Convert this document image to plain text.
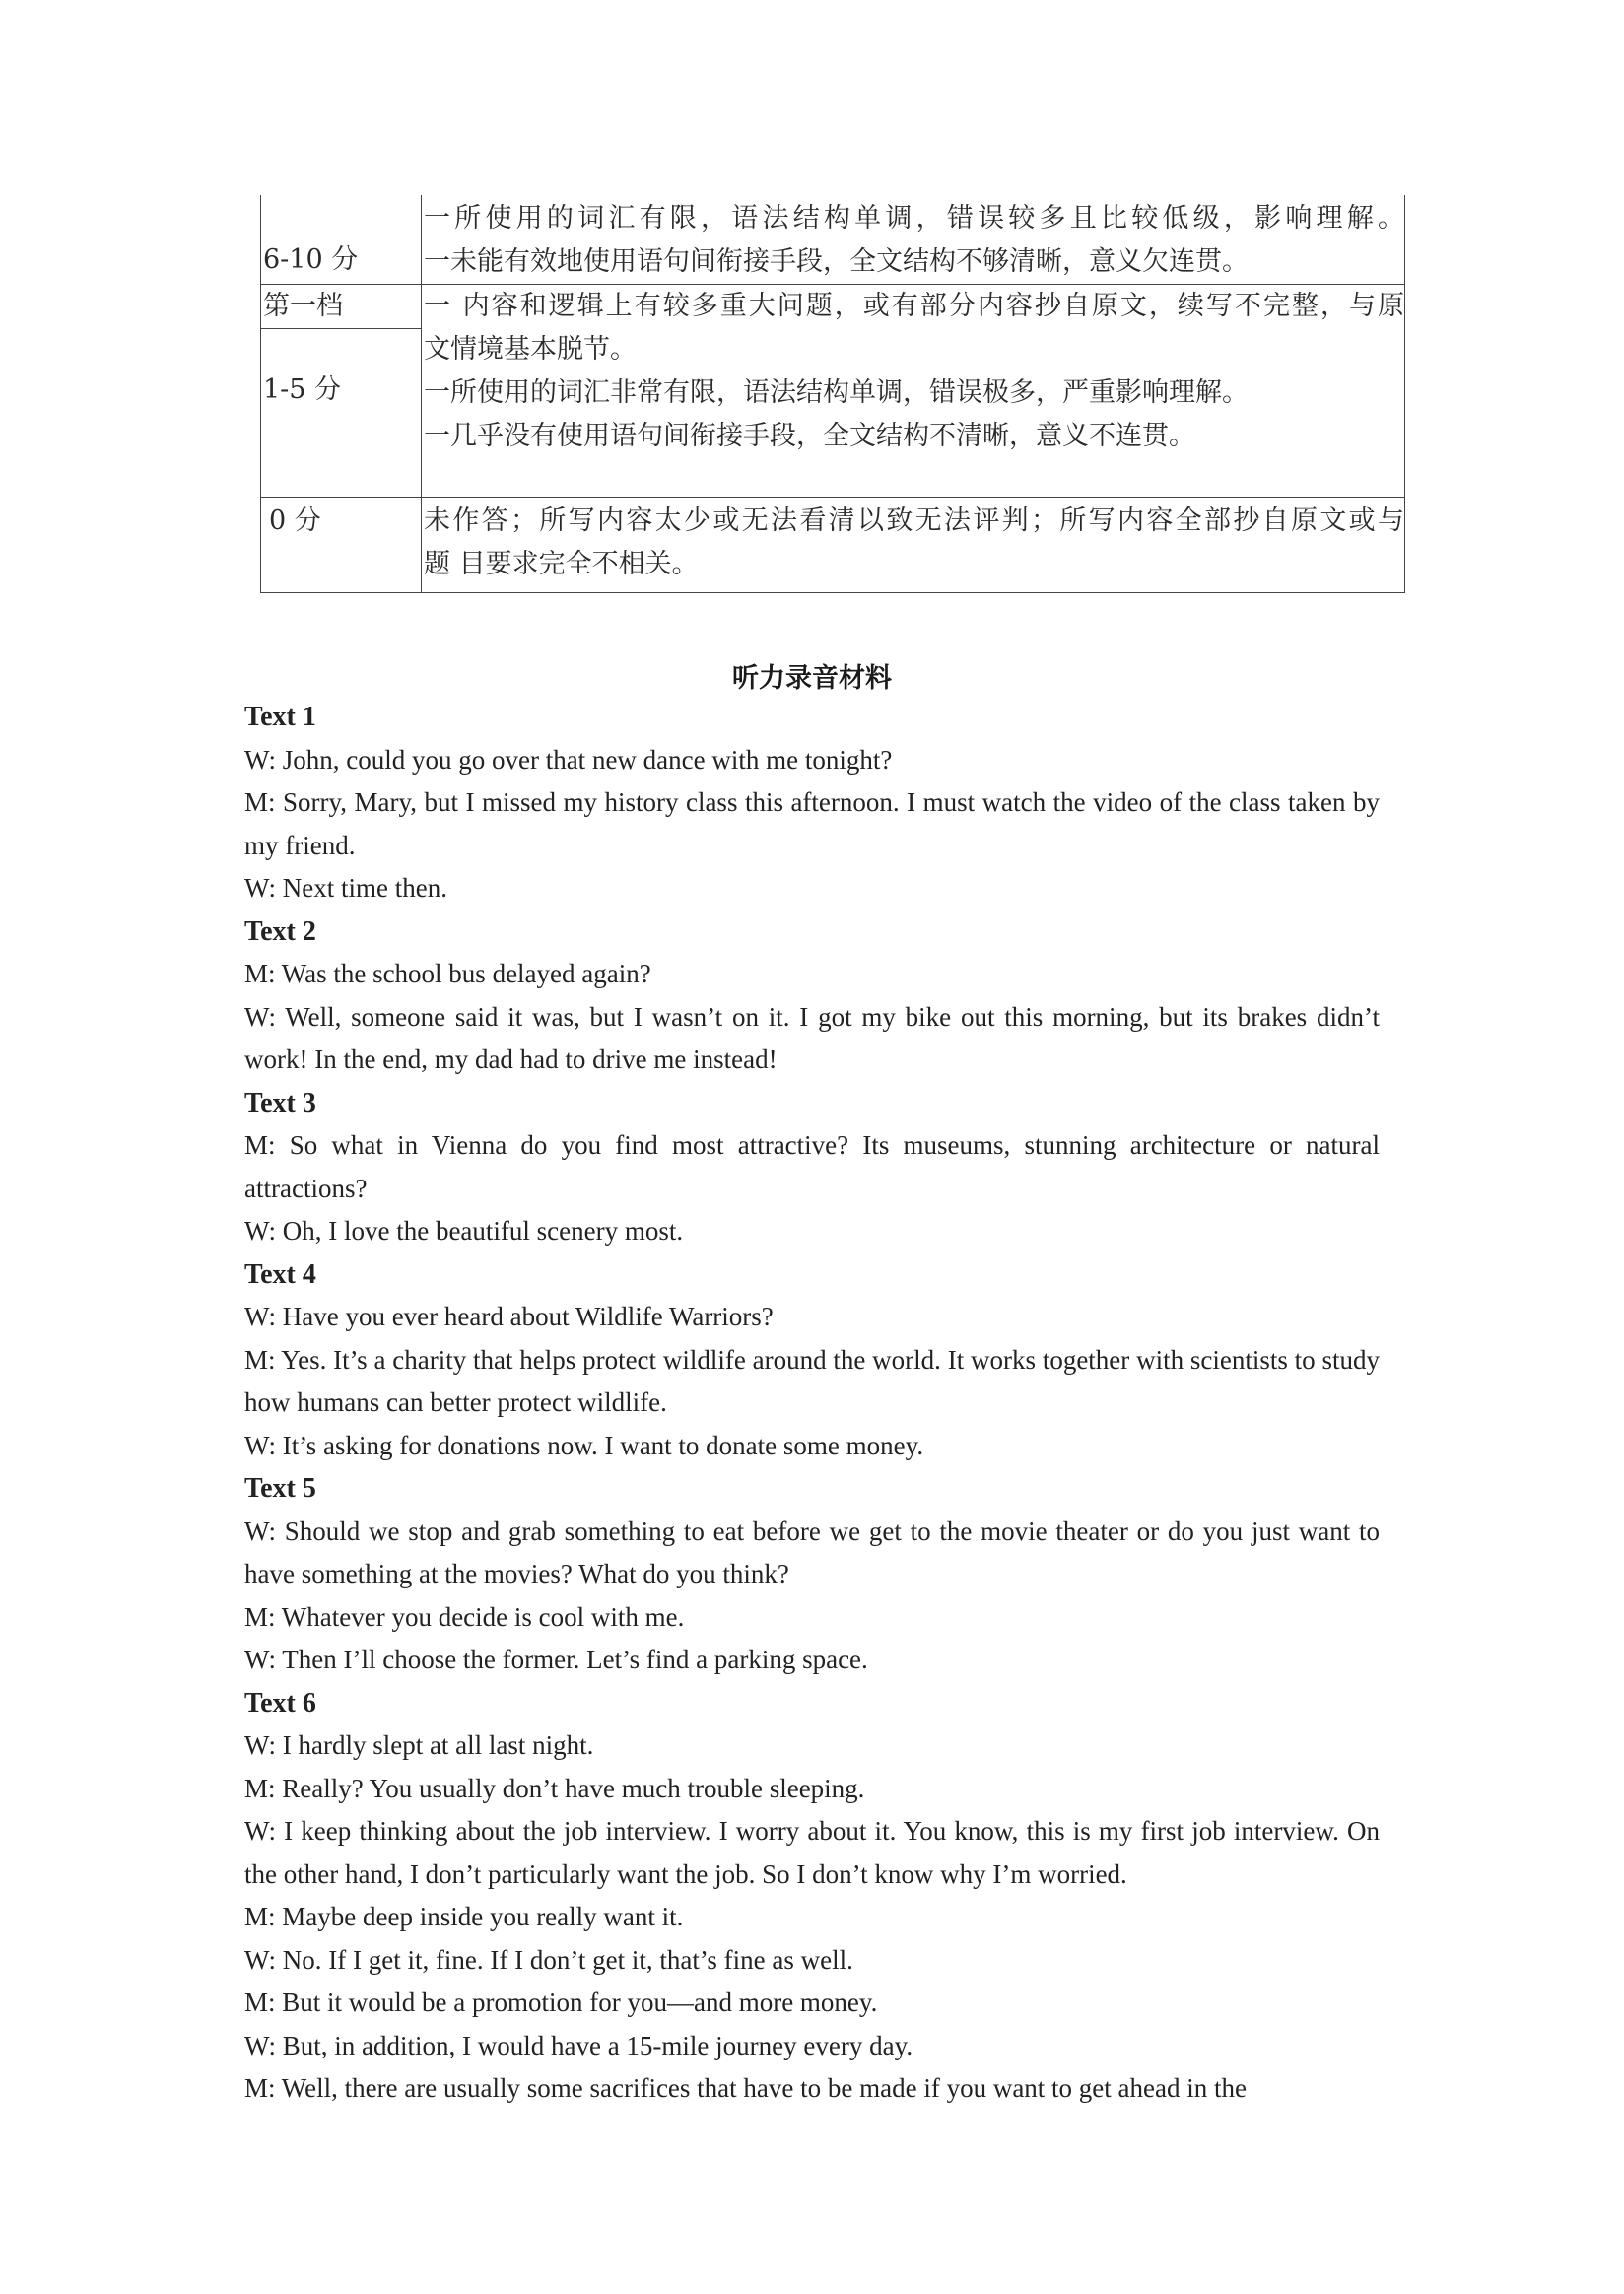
6-10 分	一所使用的词汇有限，语法结构单调，错误较多且比较低级，影响理解。
一未能有效地使用语句间衔接手段，全文结构不够清晰，意义欠连贯。

第一档
1-5 分	一 内容和逻辑上有较多重大问题，或有部分内容抄自原文，续写不完整，与原
文情境基本脱节。
一所使用的词汇非常有限，语法结构单调，错误极多，严重影响理解。
一几乎没有使用语句间衔接手段，全文结构不清晰，意义不连贯。

0 分	未作答；所写内容太少或无法看清以致无法评判；所写内容全部抄自原文或与
题 目要求完全不相关。
听力录音材料
Text 1
W: John, could you go over that new dance with me tonight?
M: Sorry, Mary, but I missed my history class this afternoon. I must watch the video of the class taken by my friend.
W: Next time then.
Text 2
M: Was the school bus delayed again?
W: Well, someone said it was, but I wasn’t on it. I got my bike out this morning, but its brakes didn’t work! In the end, my dad had to drive me instead!
Text 3
M: So what in Vienna do you find most attractive? Its museums, stunning architecture or natural attractions?
W: Oh, I love the beautiful scenery most.
Text 4
W: Have you ever heard about Wildlife Warriors?
M: Yes. It’s a charity that helps protect wildlife around the world. It works together with scientists to study how humans can better protect wildlife.
W: It’s asking for donations now. I want to donate some money.
Text 5
W: Should we stop and grab something to eat before we get to the movie theater or do you just want to have something at the movies? What do you think?
M: Whatever you decide is cool with me.
W: Then I’ll choose the former. Let’s find a parking space.
Text 6
W: I hardly slept at all last night.
M: Really? You usually don’t have much trouble sleeping.
W: I keep thinking about the job interview. I worry about it. You know, this is my first job interview. On the other hand, I don’t particularly want the job. So I don’t know why I’m worried.
M: Maybe deep inside you really want it.
W: No. If I get it, fine. If I don’t get it, that’s fine as well.
M: But it would be a promotion for you—and more money.
W: But, in addition, I would have a 15-mile journey every day.
M: Well, there are usually some sacrifices that have to be made if you want to get ahead in the
